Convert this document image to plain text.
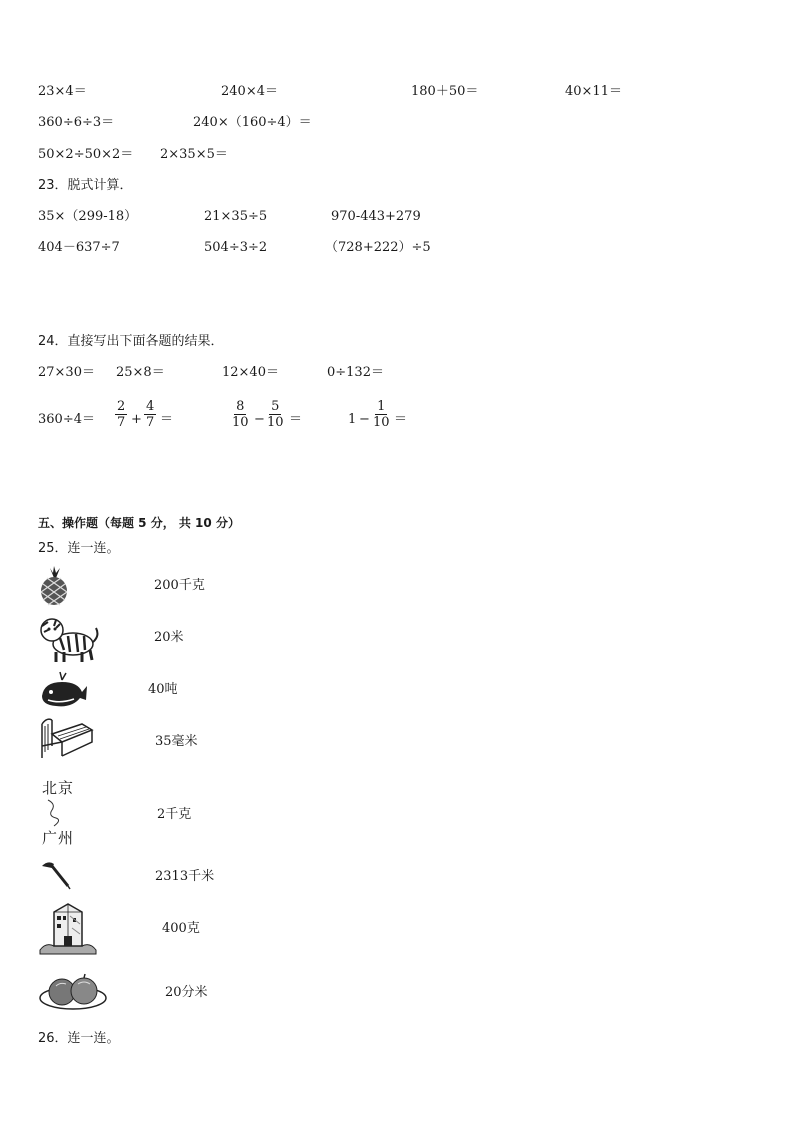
23×4＝	240×4＝	180＋50＝	40×11＝
360÷6÷3＝	240×（160÷4）＝
50×2÷50×2＝ 2×35×5＝
23．脱式计算．
35×（299-18）	21×35÷5	970-443+279
404－637÷7	504÷3÷2	（728+222）÷5
24．直接写出下面各题的结果．
27×30＝ 25×8＝	12×40＝	0÷132＝
$360\div 4= \frac{2}{7} + \frac{4}{7}$ ＝	$\frac{8}{10} - \frac{5}{10}$ ＝	$1 - \frac{1}{10}$ ＝
五、操作题（每题 5 分， 共 10 分）
25．连一连。
200千克
20米
40吨
35毫米
北京
广州
2千克
2313千米
400克
20分米
26．连一连。
